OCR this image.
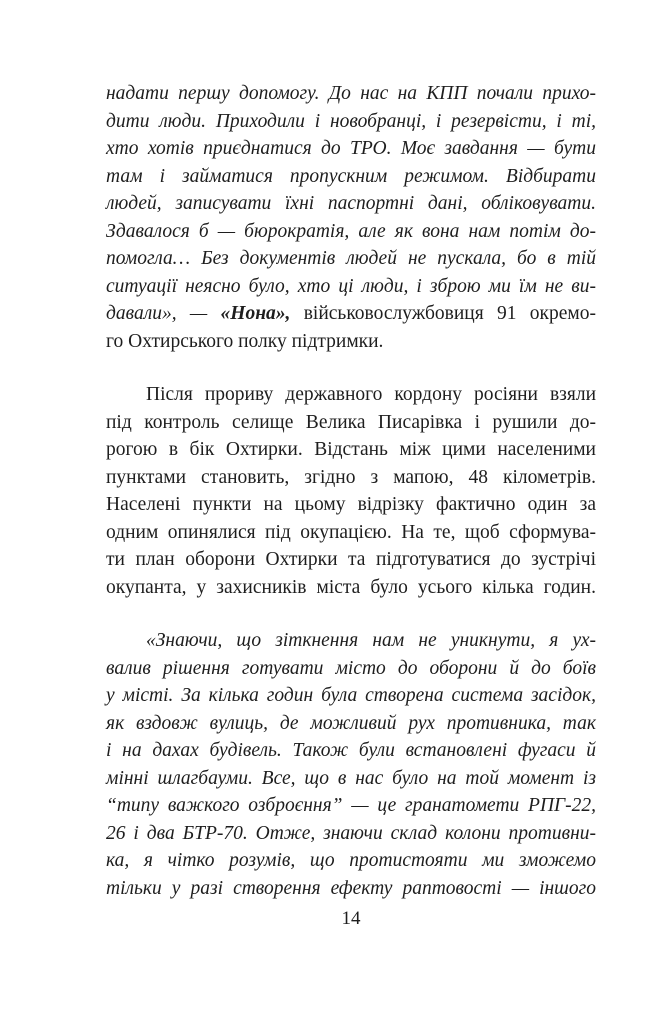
надати першу допомогу. До нас на КПП почали прихо-
дити люди. Приходили і новобранці, і резервісти, і ті,
хто хотів приєднатися до ТРО. Моє завдання — бути
там і займатися пропускним режимом. Відбирати
людей, записувати їхні паспортні дані, обліковувати.
Здавалося б — бюрократія, але як вона нам потім до-
помогла… Без документів людей не пускала, бо в тій
ситуації неясно було, хто ці люди, і зброю ми їм не ви-
давали», — «Нона», військовослужбовиця 91 окремо-
го Охтирського полку підтримки.
Після прориву державного кордону росіяни взяли
під контроль селище Велика Писарівка і рушили до-
рогою в бік Охтирки. Відстань між цими населеними
пунктами становить, згідно з мапою, 48 кілометрів.
Населені пункти на цьому відрізку фактично один за
одним опинялися під окупацією. На те, щоб сформува-
ти план оборони Охтирки та підготуватися до зустрічі
окупанта, у захисників міста було усього кілька годин.
«Знаючи, що зіткнення нам не уникнути, я ух-
валив рішення готувати місто до оборони й до боїв
у місті. За кілька годин була створена система засідок,
як вздовж вулиць, де можливий рух противника, так
і на дахах будівель. Також були встановлені фугаси й
мінні шлагбауми. Все, що в нас було на той момент із
“типу важкого озброєння” — це гранатомети РПГ-22,
26 і два БТР-70. Отже, знаючи склад колони противни-
ка, я чітко розумів, що протистояти ми зможемо
тільки у разі створення ефекту раптовості — іншого
14
